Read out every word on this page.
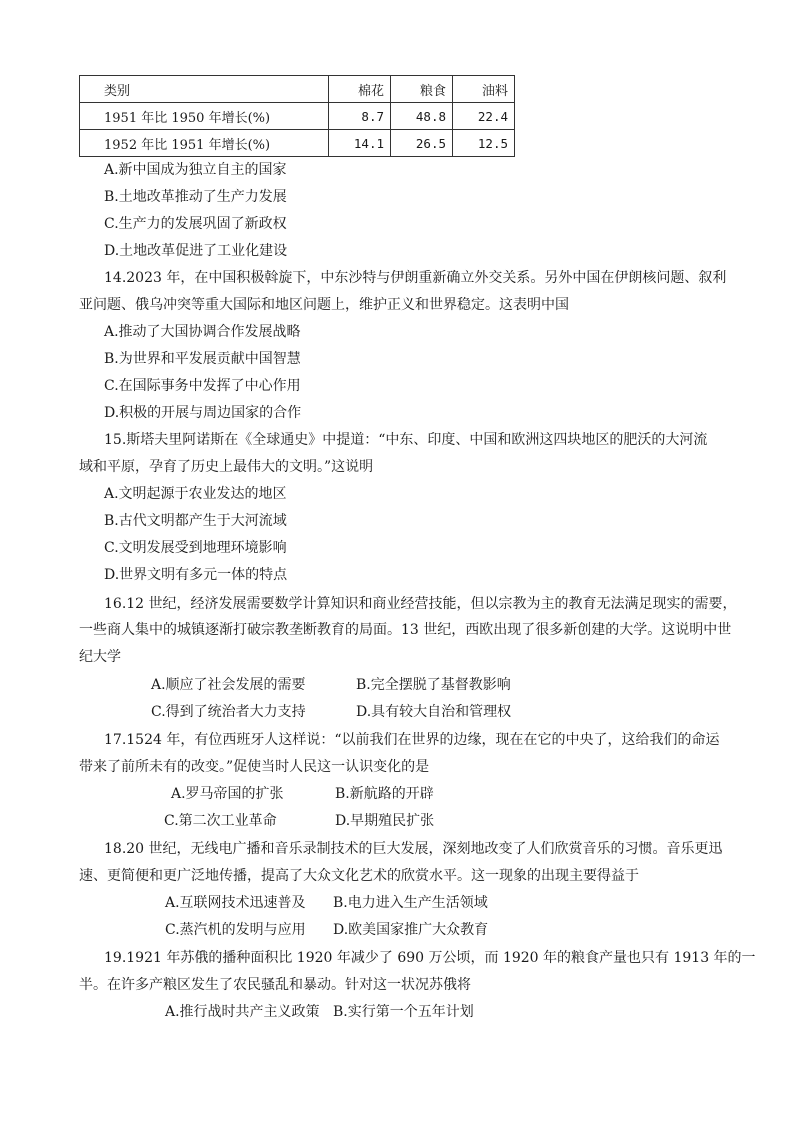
类别	棉花	粮食	油料
1951 年比 1950 年增长(%)	8.7	48.8	22.4
1952 年比 1951 年增长(%)	14.1	26.5	12.5
A.新中国成为独立自主的国家
B.土地改革推动了生产力发展
C.生产力的发展巩固了新政权
D.土地改革促进了工业化建设
14.2023 年，在中国积极斡旋下，中东沙特与伊朗重新确立外交关系。另外中国在伊朗核问题、叙利
亚问题、俄乌冲突等重大国际和地区问题上，维护正义和世界稳定。这表明中国
A.推动了大国协调合作发展战略
B.为世界和平发展贡献中国智慧
C.在国际事务中发挥了中心作用
D.积极的开展与周边国家的合作
15.斯塔夫里阿诺斯在《全球通史》中提道：“中东、印度、中国和欧洲这四块地区的肥沃的大河流
域和平原，孕育了历史上最伟大的文明。”这说明
A.文明起源于农业发达的地区
B.古代文明都产生于大河流域
C.文明发展受到地理环境影响
D.世界文明有多元一体的特点
16.12 世纪，经济发展需要数学计算知识和商业经营技能，但以宗教为主的教育无法满足现实的需要，
一些商人集中的城镇逐渐打破宗教垄断教育的局面。13 世纪，西欧出现了很多新创建的大学。这说明中世
纪大学
A.顺应了社会发展的需要	B.完全摆脱了基督教影响
C.得到了统治者大力支持	D.具有较大自治和管理权
17.1524 年，有位西班牙人这样说：“以前我们在世界的边缘，现在在它的中央了，这给我们的命运
带来了前所未有的改变。”促使当时人民这一认识变化的是
A.罗马帝国的扩张	B.新航路的开辟
C.第二次工业革命	D.早期殖民扩张
18.20 世纪，无线电广播和音乐录制技术的巨大发展，深刻地改变了人们欣赏音乐的习惯。音乐更迅
速、更简便和更广泛地传播，提高了大众文化艺术的欣赏水平。这一现象的出现主要得益于
A.互联网技术迅速普及 B.电力进入生产生活领域
C.蒸汽机的发明与应用 D.欧美国家推广大众教育
19.1921 年苏俄的播种面积比 1920 年减少了 690 万公顷，而 1920 年的粮食产量也只有 1913 年的一
半。在许多产粮区发生了农民骚乱和暴动。针对这一状况苏俄将
A.推行战时共产主义政策 B.实行第一个五年计划
